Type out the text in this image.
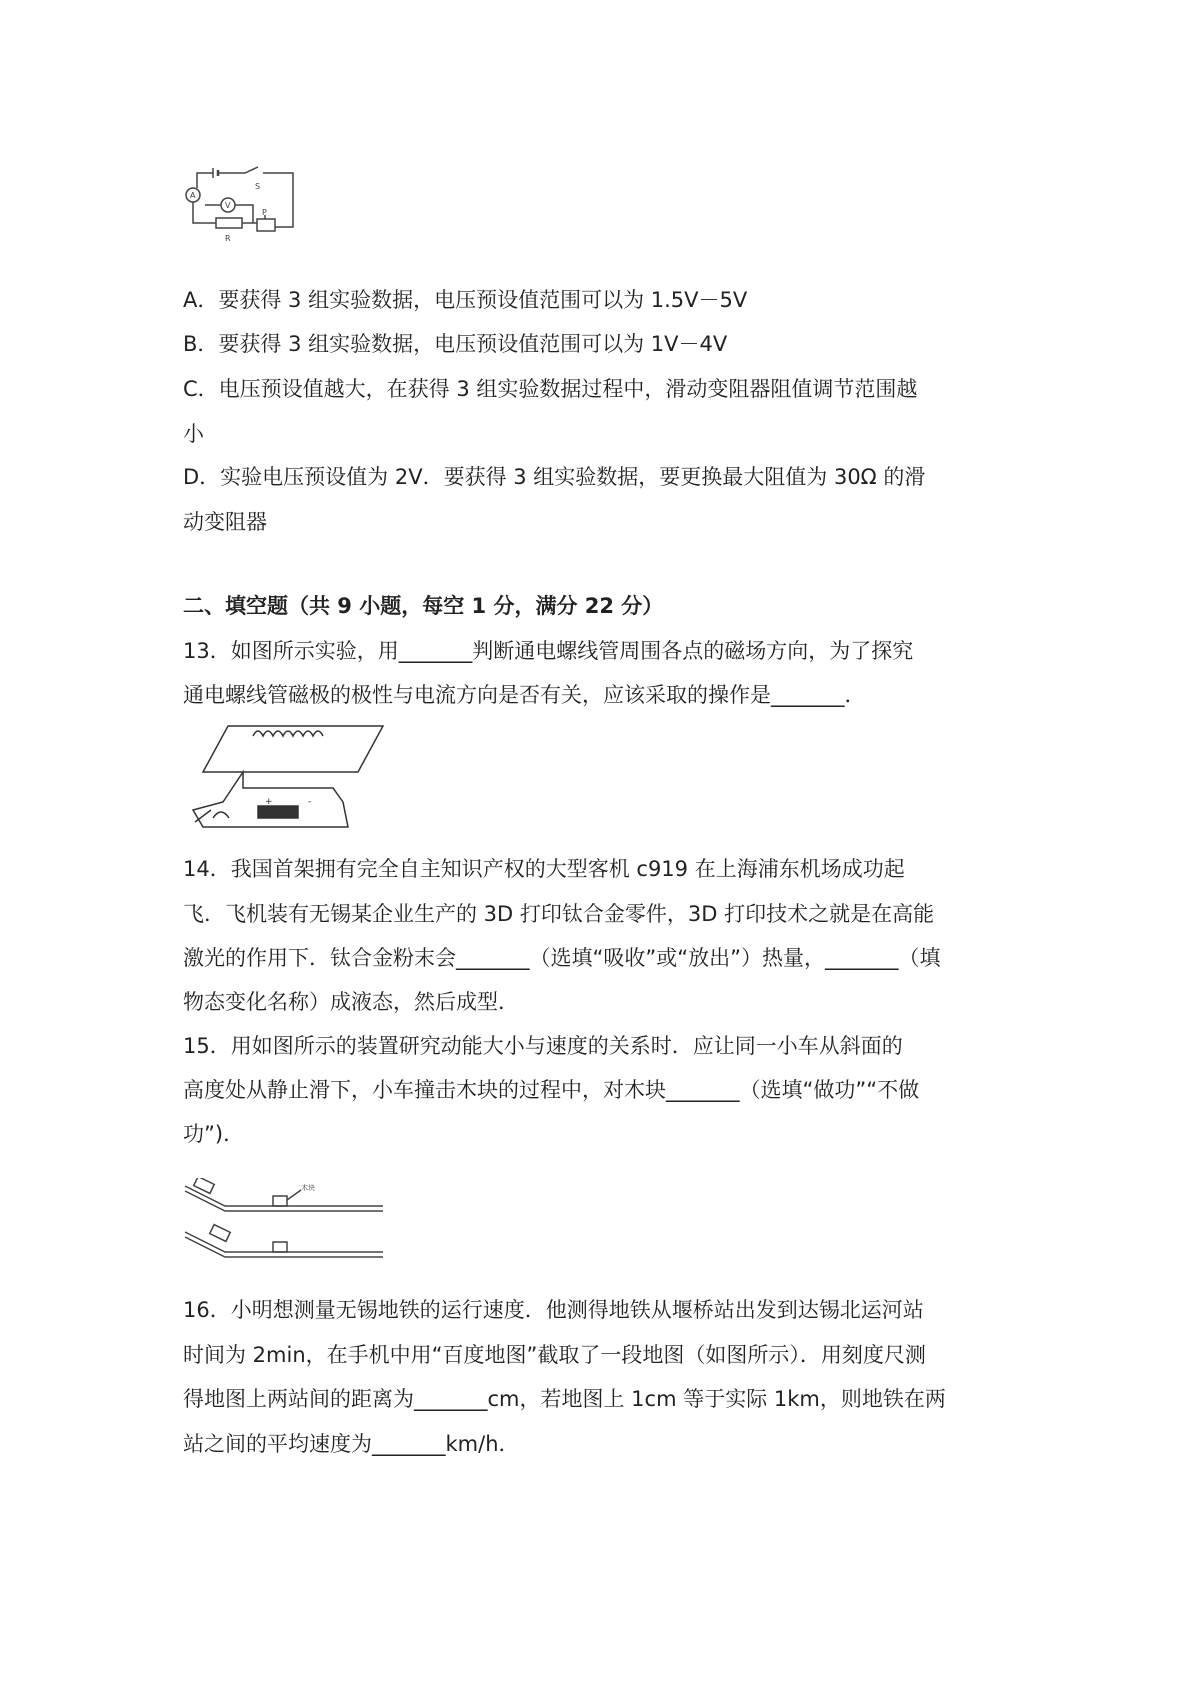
A
V
S
R
P
A．要获得 3 组实验数据，电压预设值范围可以为 1.5V－5V
B．要获得 3 组实验数据，电压预设值范围可以为 1V－4V
C．电压预设值越大，在获得 3 组实验数据过程中，滑动变阻器阻值调节范围越
小
D．实验电压预设值为 2V．要获得 3 组实验数据，要更换最大阻值为 30Ω 的滑
动变阻器
二、填空题（共 9 小题，每空 1 分，满分 22 分）
13．如图所示实验，用_______判断通电螺线管周围各点的磁场方向，为了探究
通电螺线管磁极的极性与电流方向是否有关，应该采取的操作是_______．
+	-
14．我国首架拥有完全自主知识产权的大型客机 c919 在上海浦东机场成功起
飞．飞机装有无锡某企业生产的 3D 打印钛合金零件，3D 打印技术之就是在高能
激光的作用下．钛合金粉末会_______（选填“吸收”或“放出”）热量，_______（填
物态变化名称）成液态，然后成型．
15．用如图所示的装置研究动能大小与速度的关系时．应让同一小车从斜面的
高度处从静止滑下，小车撞击木块的过程中，对木块_______（选填“做功”“不做
功”)．
木块
16．小明想测量无锡地铁的运行速度．他测得地铁从堰桥站出发到达锡北运河站
时间为 2min，在手机中用“百度地图”截取了一段地图（如图所示）．用刻度尺测
得地图上两站间的距离为_______cm，若地图上 1cm 等于实际 1km，则地铁在两
站之间的平均速度为_______km/h．
